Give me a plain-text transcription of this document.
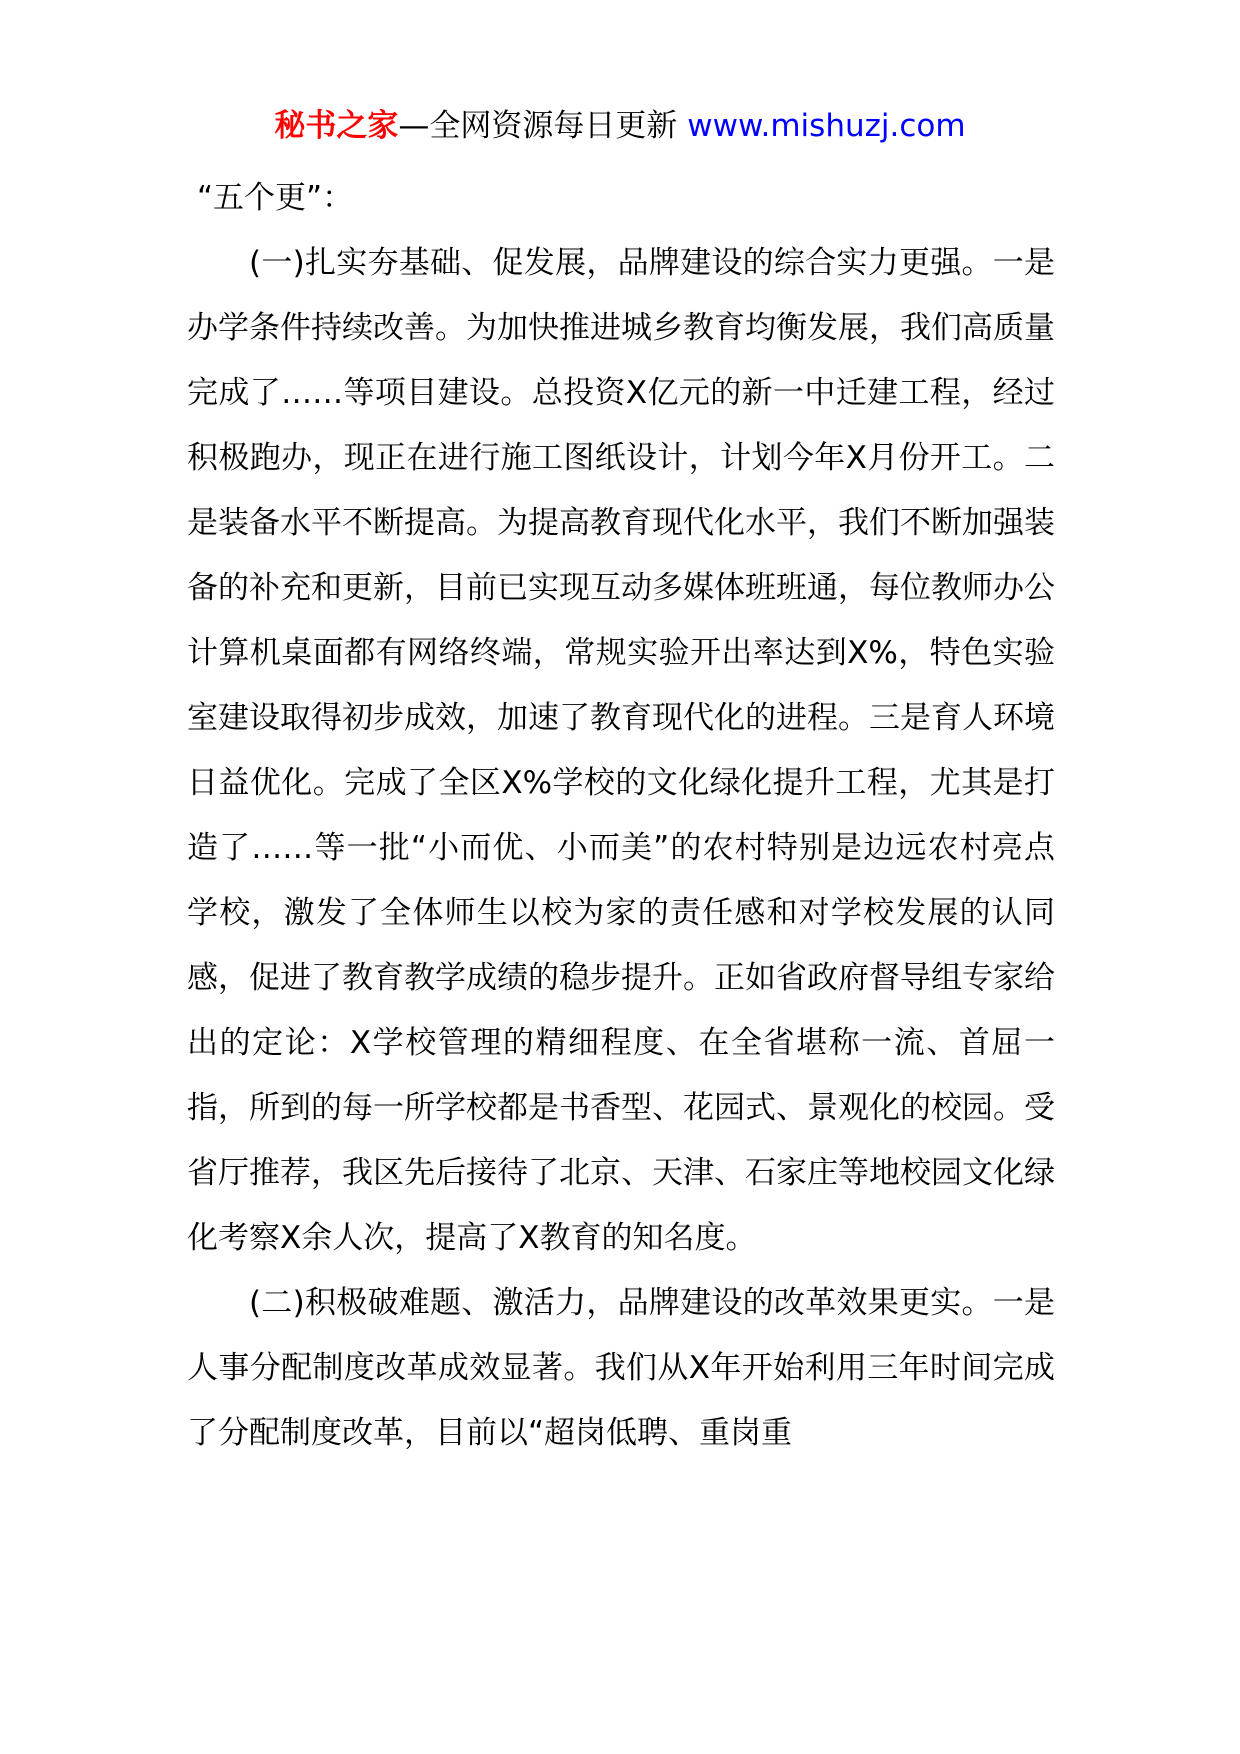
秘书之家—全网资源每日更新 www.mishuzj.com

“五个更”：

(一)扎实夯基础、促发展，品牌建设的综合实力更强。一是办学条件持续改善。为加快推进城乡教育均衡发展，我们高质量完成了……等项目建设。总投资X亿元的新一中迁建工程，经过积极跑办，现正在进行施工图纸设计，计划今年X月份开工。二是装备水平不断提高。为提高教育现代化水平，我们不断加强装备的补充和更新，目前已实现互动多媒体班班通，每位教师办公计算机桌面都有网络终端，常规实验开出率达到X%，特色实验室建设取得初步成效，加速了教育现代化的进程。三是育人环境日益优化。完成了全区X%学校的文化绿化提升工程，尤其是打造了……等一批“小而优、小而美”的农村特别是边远农村亮点学校，激发了全体师生以校为家的责任感和对学校发展的认同感，促进了教育教学成绩的稳步提升。正如省政府督导组专家给出的定论：X学校管理的精细程度、在全省堪称一流、首屈一指，所到的每一所学校都是书香型、花园式、景观化的校园。受省厅推荐，我区先后接待了北京、天津、石家庄等地校园文化绿化考察X余人次，提高了X教育的知名度。

(二)积极破难题、激活力，品牌建设的改革效果更实。一是人事分配制度改革成效显著。我们从X年开始利用三年时间完成了分配制度改革，目前以“超岗低聘、重岗重
